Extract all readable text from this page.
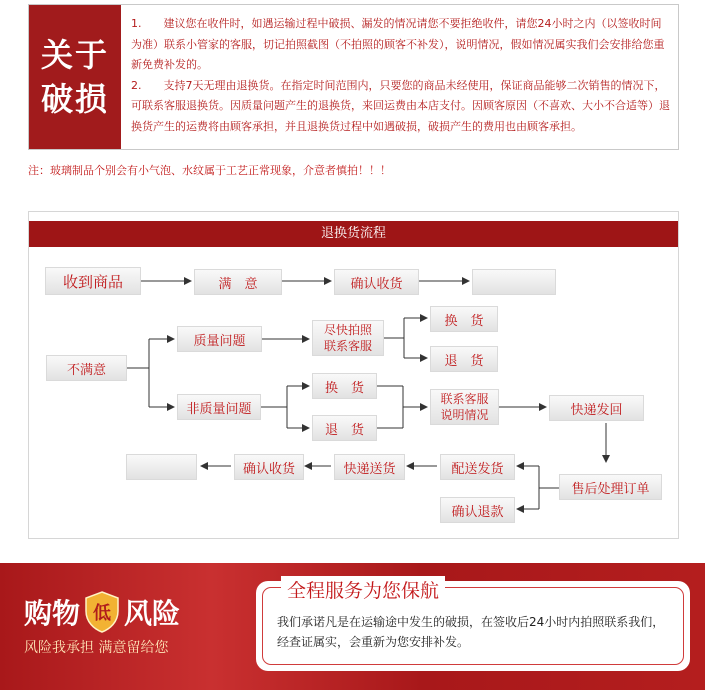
关于
破损

1.　　建议您在收件时，如遇运输过程中破损、漏发的情况请您不要拒绝收件，请您24小时之内（以签收时间为准）联系小管家的客服，切记拍照截图（不拍照的顾客不补发），说明情况，假如情况属实我们会安排给您重新免费补发的。

2.　　支持7天无理由退换货。在指定时间范围内，只要您的商品未经使用，保证商品能够二次销售的情况下，可联系客服退换货。因质量问题产生的退换货，来回运费由本店支付。因顾客原因（不喜欢、大小不合适等）退换货产生的运费将由顾客承担，并且退换货过程中如遇破损，破损产生的费用也由顾客承担。

注：玻璃制品个别会有小气泡、水纹属于工艺正常现象，介意者慎拍！！！
退换货流程
收到商品	满　意	确认收货
不满意
质量问题
尽快拍照
联系客服
换　货
退　货
非质量问题
换　货
退　货
联系客服
说明情况	快递发回
售后处理订单
配送发货
确认退款
快递送货
确认收货
购物 低 风险
风险我承担 满意留给您
全程服务为您保航
我们承诺凡是在运输途中发生的破损，在签收后24小时内拍照联系我们，经查证属实，会重新为您安排补发。
